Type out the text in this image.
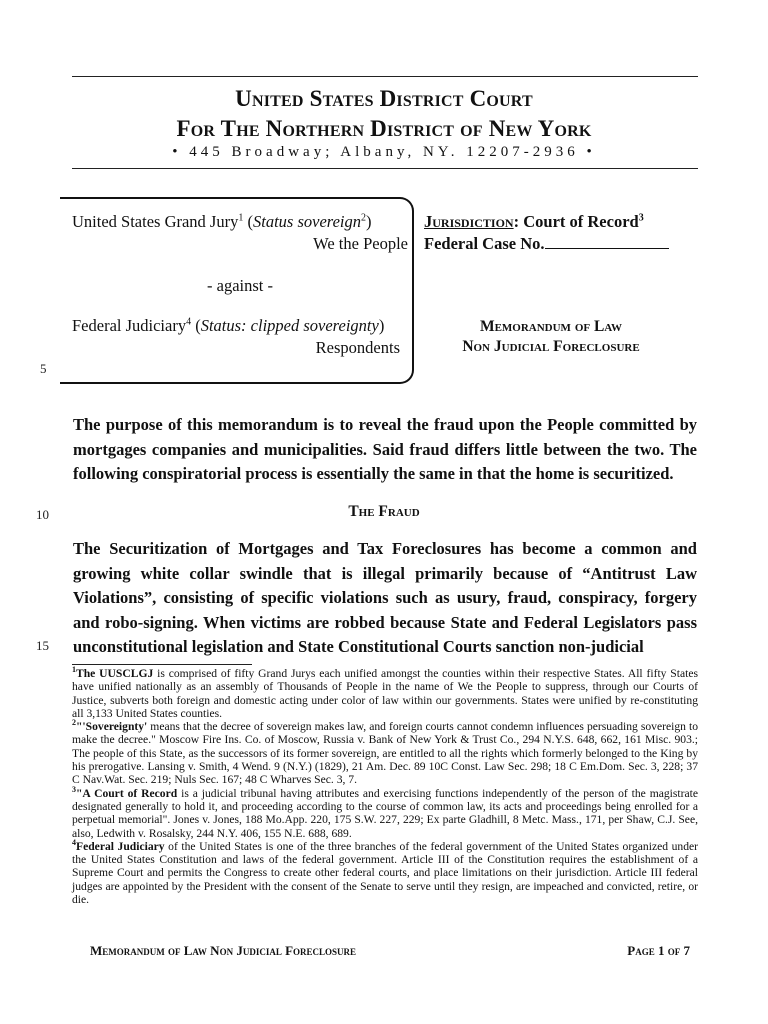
United States District Court
For The Northern District of New York
• 445 Broadway; Albany, NY. 12207-2936 •
United States Grand Jury$^1$ (Status sovereign$^2$)
We the People
- against -
Federal Judiciary$^4$ (Status: clipped sovereignty)
Respondents
Jurisdiction: Court of Record$^3$
Federal Case No.
Memorandum of Law
Non Judicial Foreclosure
5
10
15
The purpose of this memorandum is to reveal the fraud upon the People committed by mortgages companies and municipalities. Said fraud differs little between the two. The following conspiratorial process is essentially the same in that the home is securitized.
The Fraud
The Securitization of Mortgages and Tax Foreclosures has become a common and growing white collar swindle that is illegal primarily because of “Antitrust Law Violations”, consisting of specific violations such as usury, fraud, conspiracy, forgery and robo-signing. When victims are robbed because State and Federal Legislators pass unconstitutional legislation and State Constitutional Courts sanction non-judicial

$^1$The UUSCLGJ is comprised of fifty Grand Jurys each unified amongst the counties within their respective States. All fifty States have unified nationally as an assembly of Thousands of People in the name of We the People to suppress, through our Courts of Justice, subverts both foreign and domestic acting under color of law within our governments. States were unified by re-constituting all 3,133 United States counties.

$^2$"'Sovereignty' means that the decree of sovereign makes law, and foreign courts cannot condemn influences persuading sovereign to make the decree." Moscow Fire Ins. Co. of Moscow, Russia v. Bank of New York & Trust Co., 294 N.Y.S. 648, 662, 161 Misc. 903.; The people of this State, as the successors of its former sovereign, are entitled to all the rights which formerly belonged to the King by his prerogative. Lansing v. Smith, 4 Wend. 9 (N.Y.) (1829), 21 Am. Dec. 89 10C Const. Law Sec. 298; 18 C Em.Dom. Sec. 3, 228; 37 C Nav.Wat. Sec. 219; Nuls Sec. 167; 48 C Wharves Sec. 3, 7.

$^3$"A Court of Record is a judicial tribunal having attributes and exercising functions independently of the person of the magistrate designated generally to hold it, and proceeding according to the course of common law, its acts and proceedings being enrolled for a perpetual memorial". Jones v. Jones, 188 Mo.App. 220, 175 S.W. 227, 229; Ex parte Gladhill, 8 Metc. Mass., 171, per Shaw, C.J. See, also, Ledwith v. Rosalsky, 244 N.Y. 406, 155 N.E. 688, 689.

$^4$Federal Judiciary of the United States is one of the three branches of the federal government of the United States organized under the United States Constitution and laws of the federal government. Article III of the Constitution requires the establishment of a Supreme Court and permits the Congress to create other federal courts, and place limitations on their jurisdiction. Article III federal judges are appointed by the President with the consent of the Senate to serve until they resign, are impeached and convicted, retire, or die.

Memorandum of Law Non Judicial Foreclosure	Page 1 of 7
